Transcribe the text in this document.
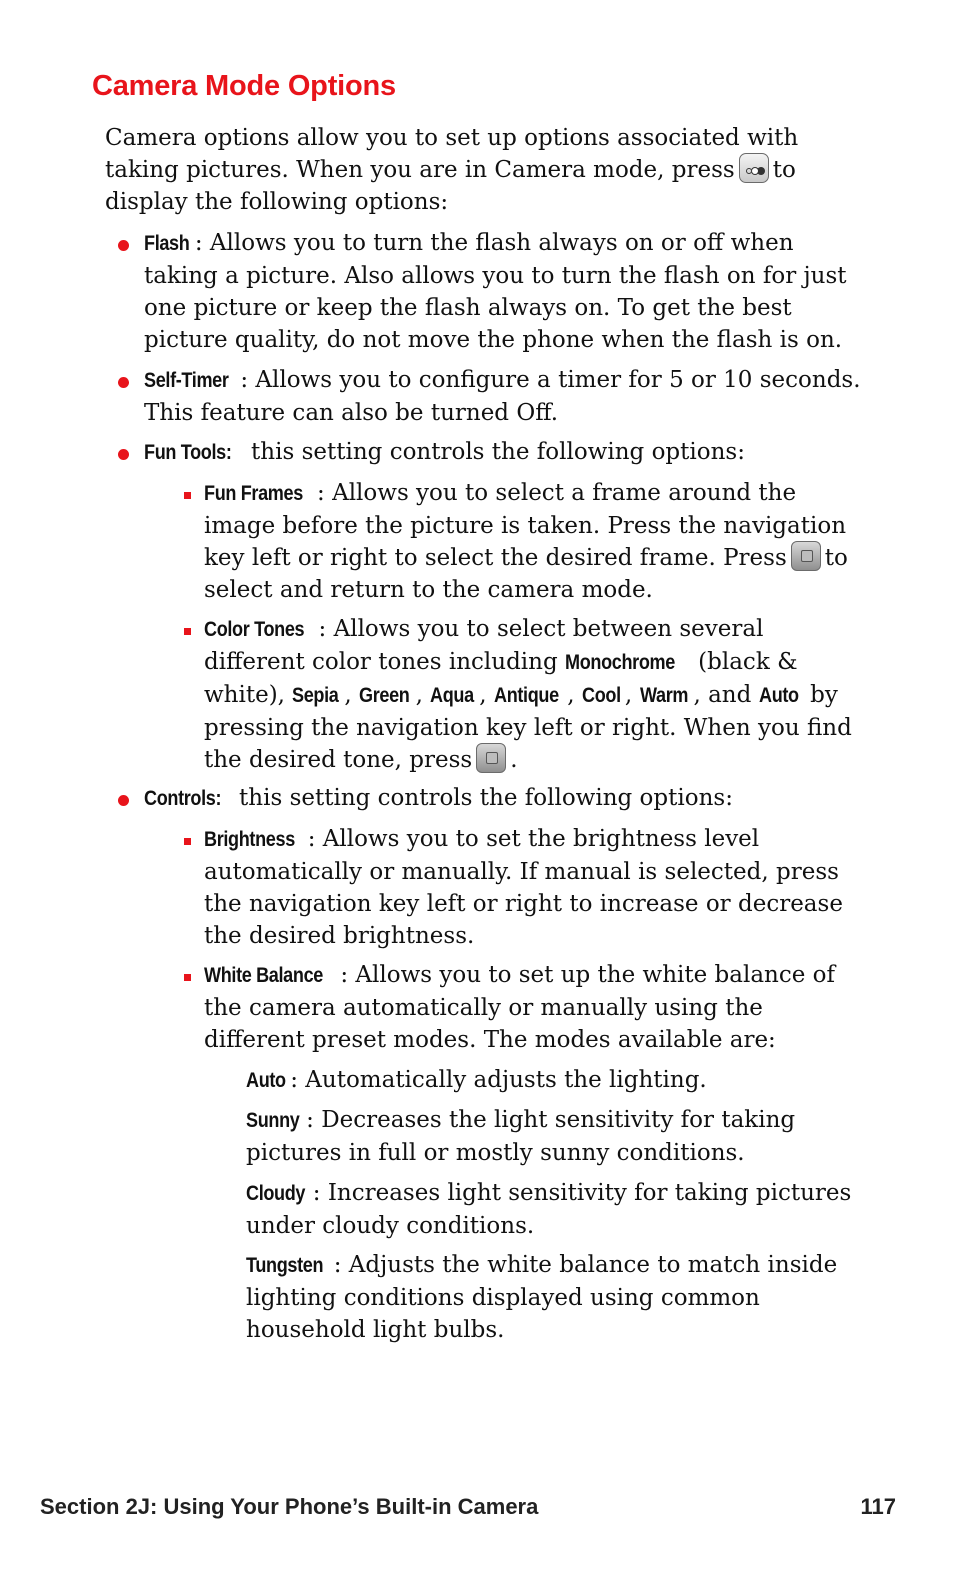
Camera Mode Options

Camera options allow you to set up options associated with taking pictures. When you are in Camera mode, press to display the following options:

Flash : Allows you to turn the flash always on or off when taking a picture. Also allows you to turn the flash on for just one picture or keep the flash always on. To get the best picture quality, do not move the phone when the flash is on.

Self-Timer : Allows you to configure a timer for 5 or 10 seconds. This feature can also be turned Off.

Fun Tools: this setting controls the following options:

Fun Frames : Allows you to select a frame around the image before the picture is taken. Press the navigation key left or right to select the desired frame. Press to select and return to the camera mode.

Color Tones : Allows you to select between several different color tones including Monochrome (black & white), Sepia , Green , Aqua , Antique , Cool , Warm , and Auto by pressing the navigation key left or right. When you find the desired tone, press .

Controls: this setting controls the following options:

Brightness : Allows you to set the brightness level automatically or manually. If manual is selected, press the navigation key left or right to increase or decrease the desired brightness.

White Balance : Allows you to set up the white balance of the camera automatically or manually using the different preset modes. The modes available are:

Auto : Automatically adjusts the lighting.

Sunny : Decreases the light sensitivity for taking pictures in full or mostly sunny conditions.

Cloudy : Increases light sensitivity for taking pictures under cloudy conditions.

Tungsten : Adjusts the white balance to match inside lighting conditions displayed using common household light bulbs.

Section 2J: Using Your Phone’s Built-in Camera	117
